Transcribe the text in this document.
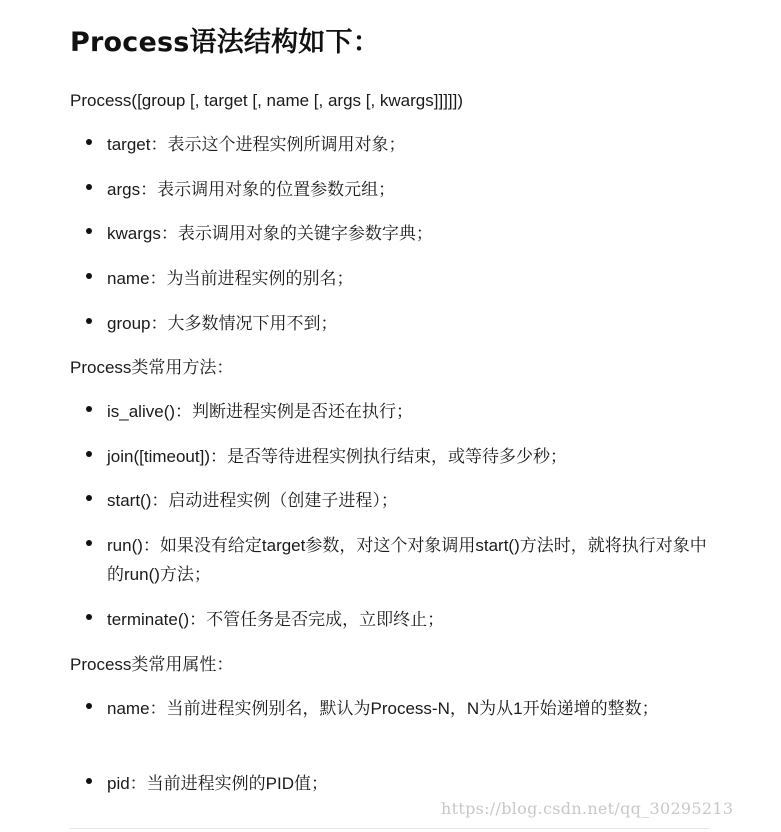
Process语法结构如下：

Process([group [, target [, name [, args [, kwargs]]]]])

target：表示这个进程实例所调用对象；
args：表示调用对象的位置参数元组；
kwargs：表示调用对象的关键字参数字典；
name：为当前进程实例的别名；
group：大多数情况下用不到；

Process类常用方法：

is_alive()：判断进程实例是否还在执行；
join([timeout])：是否等待进程实例执行结束，或等待多少秒；
start()：启动进程实例（创建子进程）；
run()：如果没有给定target参数，对这个对象调用start()方法时，就将执行对象中的run()方法；
terminate()：不管任务是否完成，立即终止；

Process类常用属性：

name：当前进程实例别名，默认为Process-N，N为从1开始递增的整数；
pid：当前进程实例的PID值；
https://blog.csdn.net/qq_30295213
